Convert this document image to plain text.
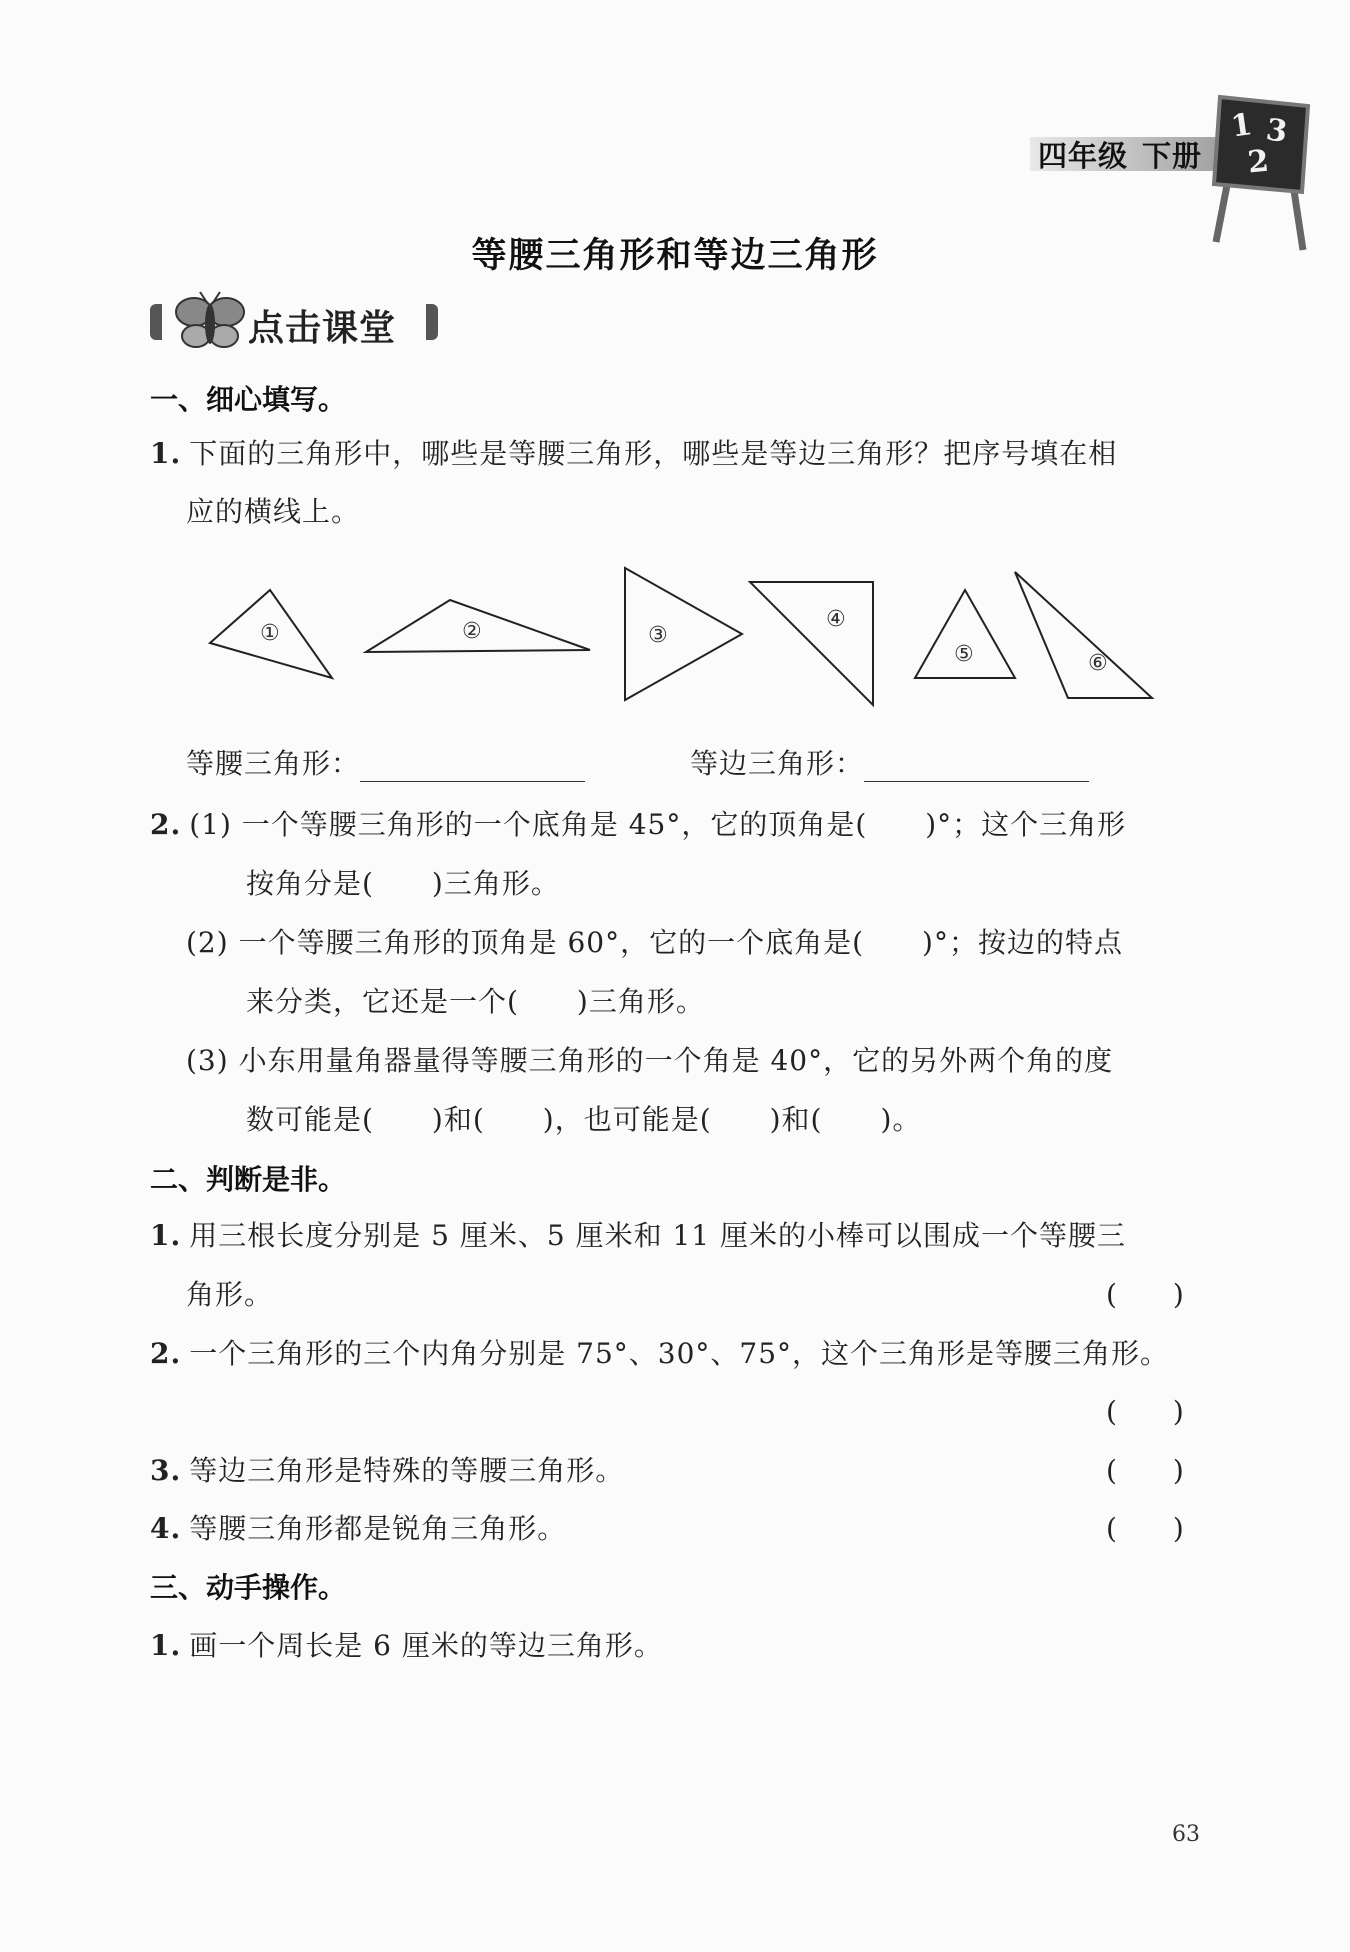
四年级 下册
1 3
2
等腰三角形和等边三角形
点击课堂
一、细心填写。
1. 下面的三角形中，哪些是等腰三角形，哪些是等边三角形？把序号填在相
应的横线上。
①	②	③
④
⑤	⑥
等腰三角形：	等边三角形：
2. (1) 一个等腰三角形的一个底角是 45°，它的顶角是(　　)°；这个三角形
按角分是(　　)三角形。
(2) 一个等腰三角形的顶角是 60°，它的一个底角是(　　)°；按边的特点
来分类，它还是一个(　　)三角形。
(3) 小东用量角器量得等腰三角形的一个角是 40°，它的另外两个角的度
数可能是(　　)和(　　)，也可能是(　　)和(　　)。
二、判断是非。
1. 用三根长度分别是 5 厘米、5 厘米和 11 厘米的小棒可以围成一个等腰三
角形。	(　　)
2. 一个三角形的三个内角分别是 75°、30°、75°，这个三角形是等腰三角形。
(　　)
3. 等边三角形是特殊的等腰三角形。	(　　)
4. 等腰三角形都是锐角三角形。	(　　)
三、动手操作。
1. 画一个周长是 6 厘米的等边三角形。
63
